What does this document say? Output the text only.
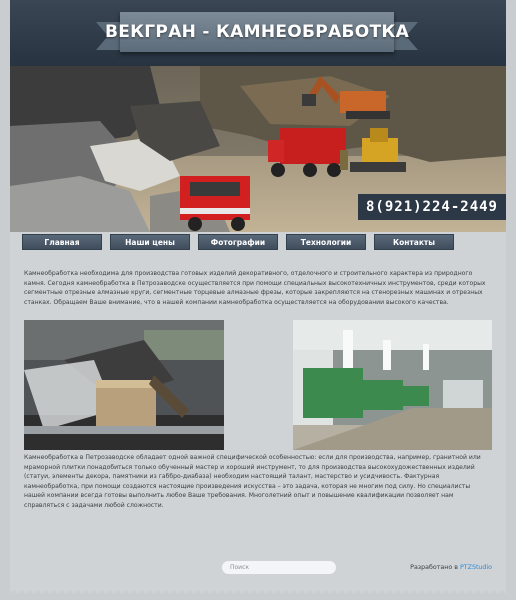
ВЕКГРАН - КАМНЕОБРАБОТКА
8(921)224-2449
Главная	Наши цены	Фотографии	Технологии	Контакты

Камнеобработка необходима для производства готовых изделий декоративного, отделочного и строительного характера из природного камня. Сегодня камнеобработка в Петрозаводске осуществляется при помощи специальных высокотехничных инструментов, среди которых сегментные отрезные алмазные круги, сегментные торцевые алмазные фрезы, которые закрепляются на стенорезных машинах и отрезных станках. Обращаем Ваше внимание, что в нашей компании камнеобработка осуществляется на оборудовании высокого качества.

Камнеобработка в Петрозаводске обладает одной важной специфической особенностью: если для производства, например, гранитной или мраморной плитки понадобиться только обученный мастер и хороший инструмент, то для производства высокохудожественных изделий (статуи, элементы декора, памятники из габбро-диабаза) необходим настоящий талант, мастерство и усидчивость. Фактурная камнеобработка, при помощи создаются настоящие произведения искусства – это задача, которая не многим под силу. Но специалисты нашей компании всегда готовы выполнить любое Ваше требования. Многолетний опыт и повышение квалификации позволяет нам справляться с задачами любой сложности.

Поиск
Разработано в PTZStudio
